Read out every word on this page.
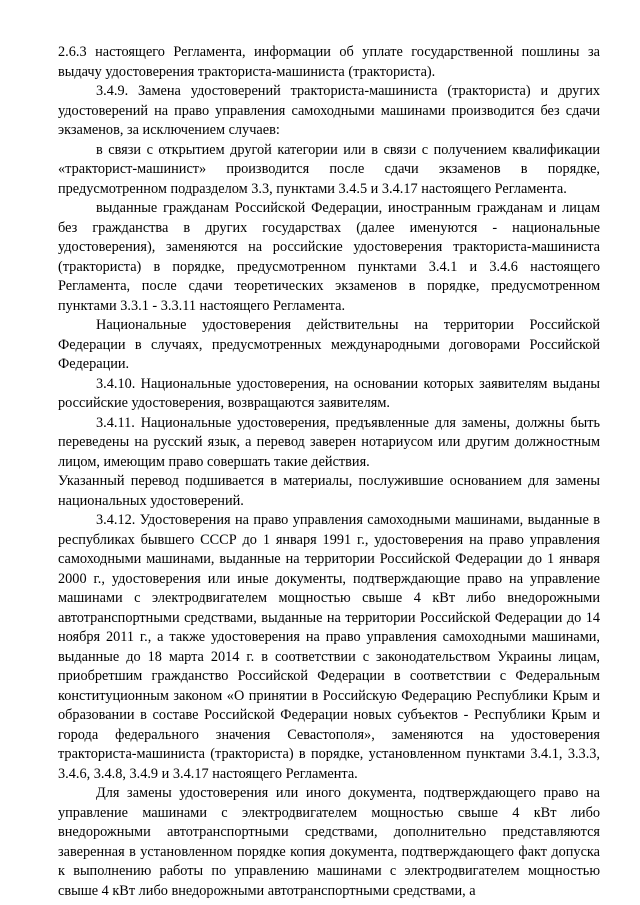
2.6.3 настоящего Регламента, информации об уплате государственной пошлины за выдачу удостоверения тракториста-машиниста (тракториста).

3.4.9. Замена удостоверений тракториста-машиниста (тракториста) и других удостоверений на право управления самоходными машинами производится без сдачи экзаменов, за исключением случаев:

в связи с открытием другой категории или в связи с получением квалификации «тракторист-машинист» производится после сдачи экзаменов в порядке, предусмотренном подразделом 3.3, пунктами 3.4.5 и 3.4.17 настоящего Регламента.

выданные гражданам Российской Федерации, иностранным гражданам и лицам без гражданства в других государствах (далее именуются - национальные удостоверения), заменяются на российские удостоверения тракториста-машиниста (тракториста) в порядке, предусмотренном пунктами 3.4.1 и 3.4.6 настоящего Регламента, после сдачи теоретических экзаменов в порядке, предусмотренном пунктами 3.3.1 - 3.3.11 настоящего Регламента.

Национальные удостоверения действительны на территории Российской Федерации в случаях, предусмотренных международными договорами Российской Федерации.

3.4.10. Национальные удостоверения, на основании которых заявителям выданы российские удостоверения, возвращаются заявителям.

3.4.11. Национальные удостоверения, предъявленные для замены, должны быть переведены на русский язык, а перевод заверен нотариусом или другим должностным лицом, имеющим право совершать такие действия.

Указанный перевод подшивается в материалы, послужившие основанием для замены национальных удостоверений.

3.4.12. Удостоверения на право управления самоходными машинами, выданные в республиках бывшего СССР до 1 января 1991 г., удостоверения на право управления самоходными машинами, выданные на территории Российской Федерации до 1 января 2000 г., удостоверения или иные документы, подтверждающие право на управление машинами с электродвигателем мощностью свыше 4 кВт либо внедорожными автотранспортными средствами, выданные на территории Российской Федерации до 14 ноября 2011 г., а также удостоверения на право управления самоходными машинами, выданные до 18 марта 2014 г. в соответствии с законодательством Украины лицам, приобретшим гражданство Российской Федерации в соответствии с Федеральным конституционным законом «О принятии в Российскую Федерацию Республики Крым и образовании в составе Российской Федерации новых субъектов - Республики Крым и города федерального значения Севастополя», заменяются на удостоверения тракториста-машиниста (тракториста) в порядке, установленном пунктами 3.4.1, 3.3.3, 3.4.6, 3.4.8, 3.4.9 и 3.4.17 настоящего Регламента.

Для замены удостоверения или иного документа, подтверждающего право на управление машинами с электродвигателем мощностью свыше 4 кВт либо внедорожными автотранспортными средствами, дополнительно представляются заверенная в установленном порядке копия документа, подтверждающего факт допуска к выполнению работы по управлению машинами с электродвигателем мощностью свыше 4 кВт либо внедорожными автотранспортными средствами, а
